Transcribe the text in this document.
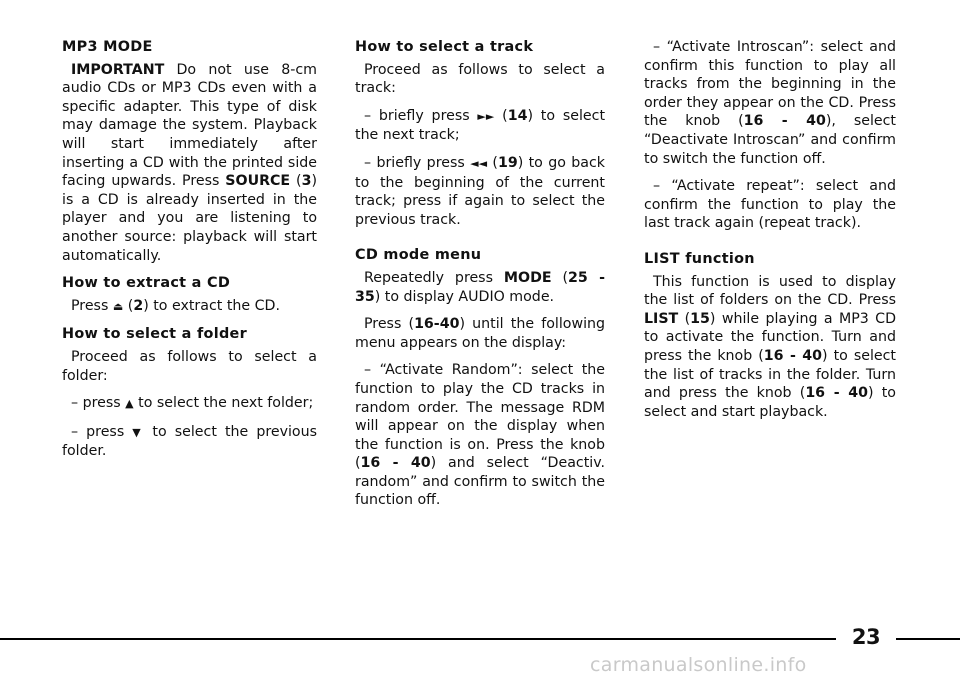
MP3 MODE

IMPORTANT Do not use 8-cm audio CDs or MP3 CDs even with a specific adapter. This type of disk may damage the system. Playback will start immediately after inserting a CD with the printed side facing upwards. Press SOURCE (3) is a CD is already inserted in the player and you are listening to another source: playback will start automatically.

How to extract a CD

Press ⏏ (2) to extract the CD.

How to select a folder

Proceed as follows to select a folder:

– press ▲ to select the next folder;

– press ▼ to select the previous folder.

How to select a track

Proceed as follows to select a track:

– briefly press ►► (14) to select the next track;

– briefly press ◄◄ (19) to go back to the beginning of the current track; press if again to select the previous track.

CD mode menu

Repeatedly press MODE (25 - 35) to display AUDIO mode.

Press (16-40) until the following menu appears on the display:

– “Activate Random”: select the function to play the CD tracks in random order. The message RDM will appear on the display when the function is on. Press the knob (16 - 40) and select “Deactiv. random” and confirm to switch the function off.

– “Activate Introscan”: select and confirm this function to play all tracks from the beginning in the order they appear on the CD. Press the knob (16 - 40), select “Deactivate Introscan” and confirm to switch the function off.

– “Activate repeat”: select and confirm the function to play the last track again (repeat track).

LIST function

This function is used to display the list of folders on the CD. Press LIST (15) while playing a MP3 CD to activate the function. Turn and press the knob (16 - 40) to select the list of tracks in the folder. Turn and press the knob (16 - 40) to select and start playback.

23
carmanualsonline.info
